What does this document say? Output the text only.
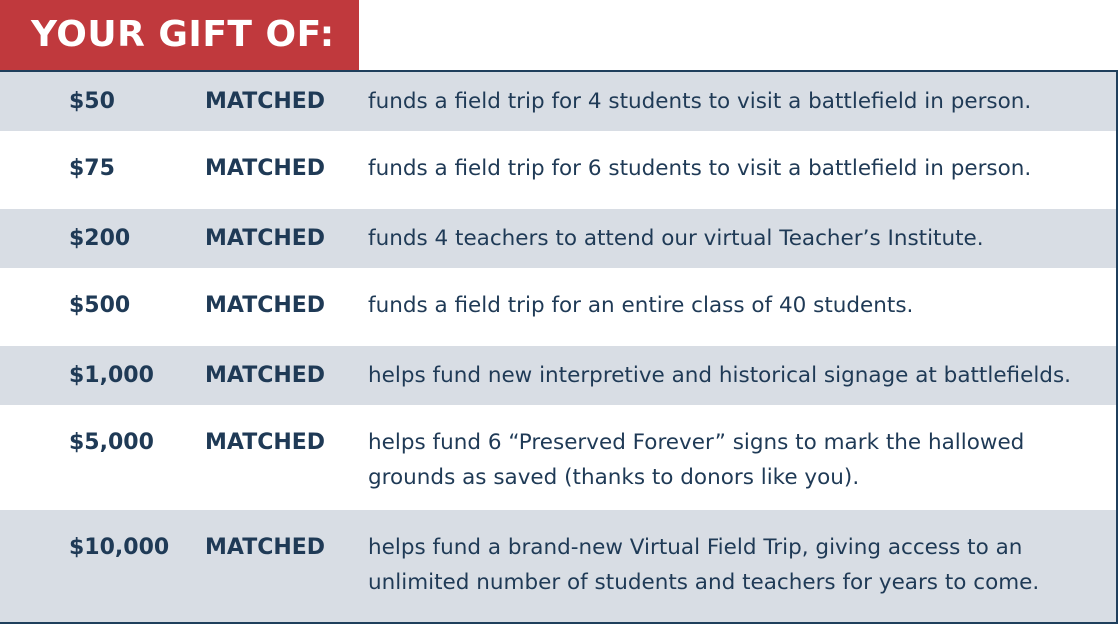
YOUR GIFT OF:
$50	MATCHED funds a field trip for 4 students to visit a battlefield in person.
$75	MATCHED funds a field trip for 6 students to visit a battlefield in person.
$200	MATCHED funds 4 teachers to attend our virtual Teacher’s Institute.
$500	MATCHED funds a field trip for an entire class of 40 students.
$1,000 MATCHED helps fund new interpretive and historical signage at battlefields.
$5,000 MATCHED helps fund 6 “Preserved Forever” signs to mark the hallowed grounds as saved (thanks to donors like you).
$10,000 MATCHED helps fund a brand-new Virtual Field Trip, giving access to an unlimited number of students and teachers for years to come.
